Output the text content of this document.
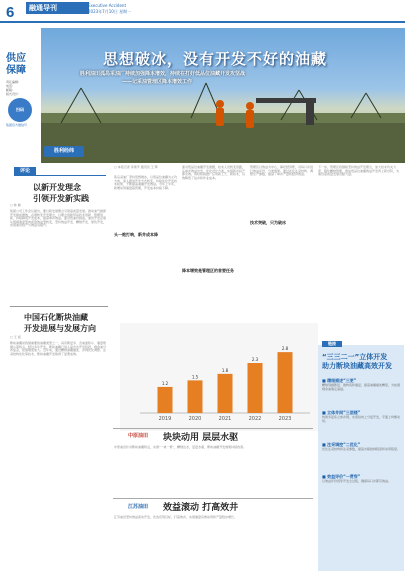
6	融通导刊	Executive Accident
2023年7月10日 星期一
供应
保障
责任编辑：
电话：
邮箱：
版式设计：
扫码
集团官方微信号
思想破冰，没有开发不好的油藏
胜利油田孤岛采油厂持续加强降本增效，持续在打好低品位油藏开发攻坚战
——记采油管理区降本增效工作
胜利经纬
评论
以新开发理念
引领开发新实践
□ 林 晓
集团公司工作会议提出，要以新发展理念引领高质量发展。推动油气勘探开发提质增效，必须转变开发理念，以理念创新带动技术创新、管理创新，持续降低开发成本，提高单井效益。面对低油价挑战，油田开发必须从规模速度型向质量效益型转变，坚持效益开发、精细开发、绿色开发，实现油田稳产与效益双提升。
中国石化断块油藏
开发进展与发展方向
□ 王 斌
断块油藏是我国重要的油藏类型之一，具有断层多、含油面积小、储量规模小等特点。经过多年开发，断块油藏已进入高含水开发阶段，剩余油分布复杂，挖潜难度加大。近年来，通过精细油藏描述、井网优化调整、注采结构优化等技术，断块油藏开发取得了显著成效。
□ 本报记者 李建平 通讯员 王 辉
孤岛采油厂坚持思想破冰，以低品位油藏为主攻方向，深入推进开发方式转变，持续优化开发技术政策，不断提高油藏开发效益。今年上半年，新增动用储量超预期，开发成本持续下降。
头一炮打响，新井成本降
面对低品位油藏开发难题，技术人员转变思路，从单井效益出发，优化设计方案，实现新井投产即见效。同时积极推广应用新工艺、新技术，有效降低了钻井和作业成本。
降本增效是管理区的首要任务
管理区以效益为中心，算好经济账，对每口井进行效益评价，分类施策。通过优化注采结构、调整生产参数，提高了单井产量和经济效益。
技术突破，只为破冰
下一步，管理区将继续坚持效益开发理念，加大技术攻关力度，强化精细管理，推动低品位油藏效益开发再上新台阶，为油田高质量发展贡献力量。
2019
1.2
2020
1.5
2021
1.8
2022
2.3
2023
2.8
链接
“三三二一”立体开发
助力断块油藏高效开发
■ 精细描述“三更”
精细刻画断层、微构造和储层，提高油藏描述精度，为挖潜剩余油奠定基础。
■ 立体井网“三层楼”
构建多层系立体井网，实现纵向上分层开发，平面上均衡动用。
■ 注采调控“二优化”
优化注采结构和注采参数，提高水驱控制程度和动用程度。
■ 效益评价“一贯穿”
以效益评价贯穿开发全过程，确保每口井都有效益。
中原油田 块块动用 层层水驱
中原油田针对断块油藏特点，实施“一块一策”，精细注水，层层水驱，断块油藏开发效果持续改善。
江苏油田 效益滚动 打高效井
江苏油田坚持效益滚动开发，优选有利目标，打高效井，实现储量有效动用和产量稳步增长。
